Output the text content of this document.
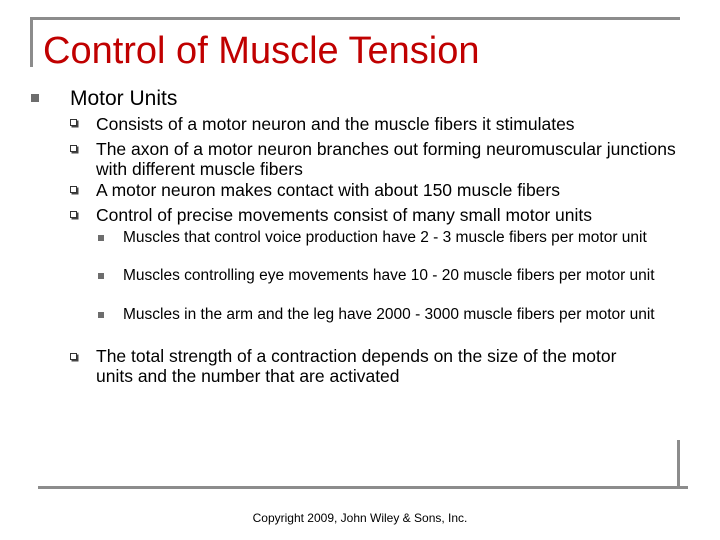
Control of Muscle Tension
Motor Units
Consists of a motor neuron and the muscle fibers it stimulates
The axon of a motor neuron branches out forming neuromuscular junctions with different muscle fibers
A motor neuron makes contact with about 150 muscle fibers
Control of precise movements consist of many small motor units
Muscles that control voice production have 2 - 3 muscle fibers per motor unit
Muscles controlling eye movements have 10 - 20 muscle fibers per motor unit
Muscles in the arm and the leg have 2000 - 3000 muscle fibers per motor unit
The total strength of a contraction depends on the size of the motor units and the number that are activated
Copyright 2009, John Wiley & Sons, Inc.
